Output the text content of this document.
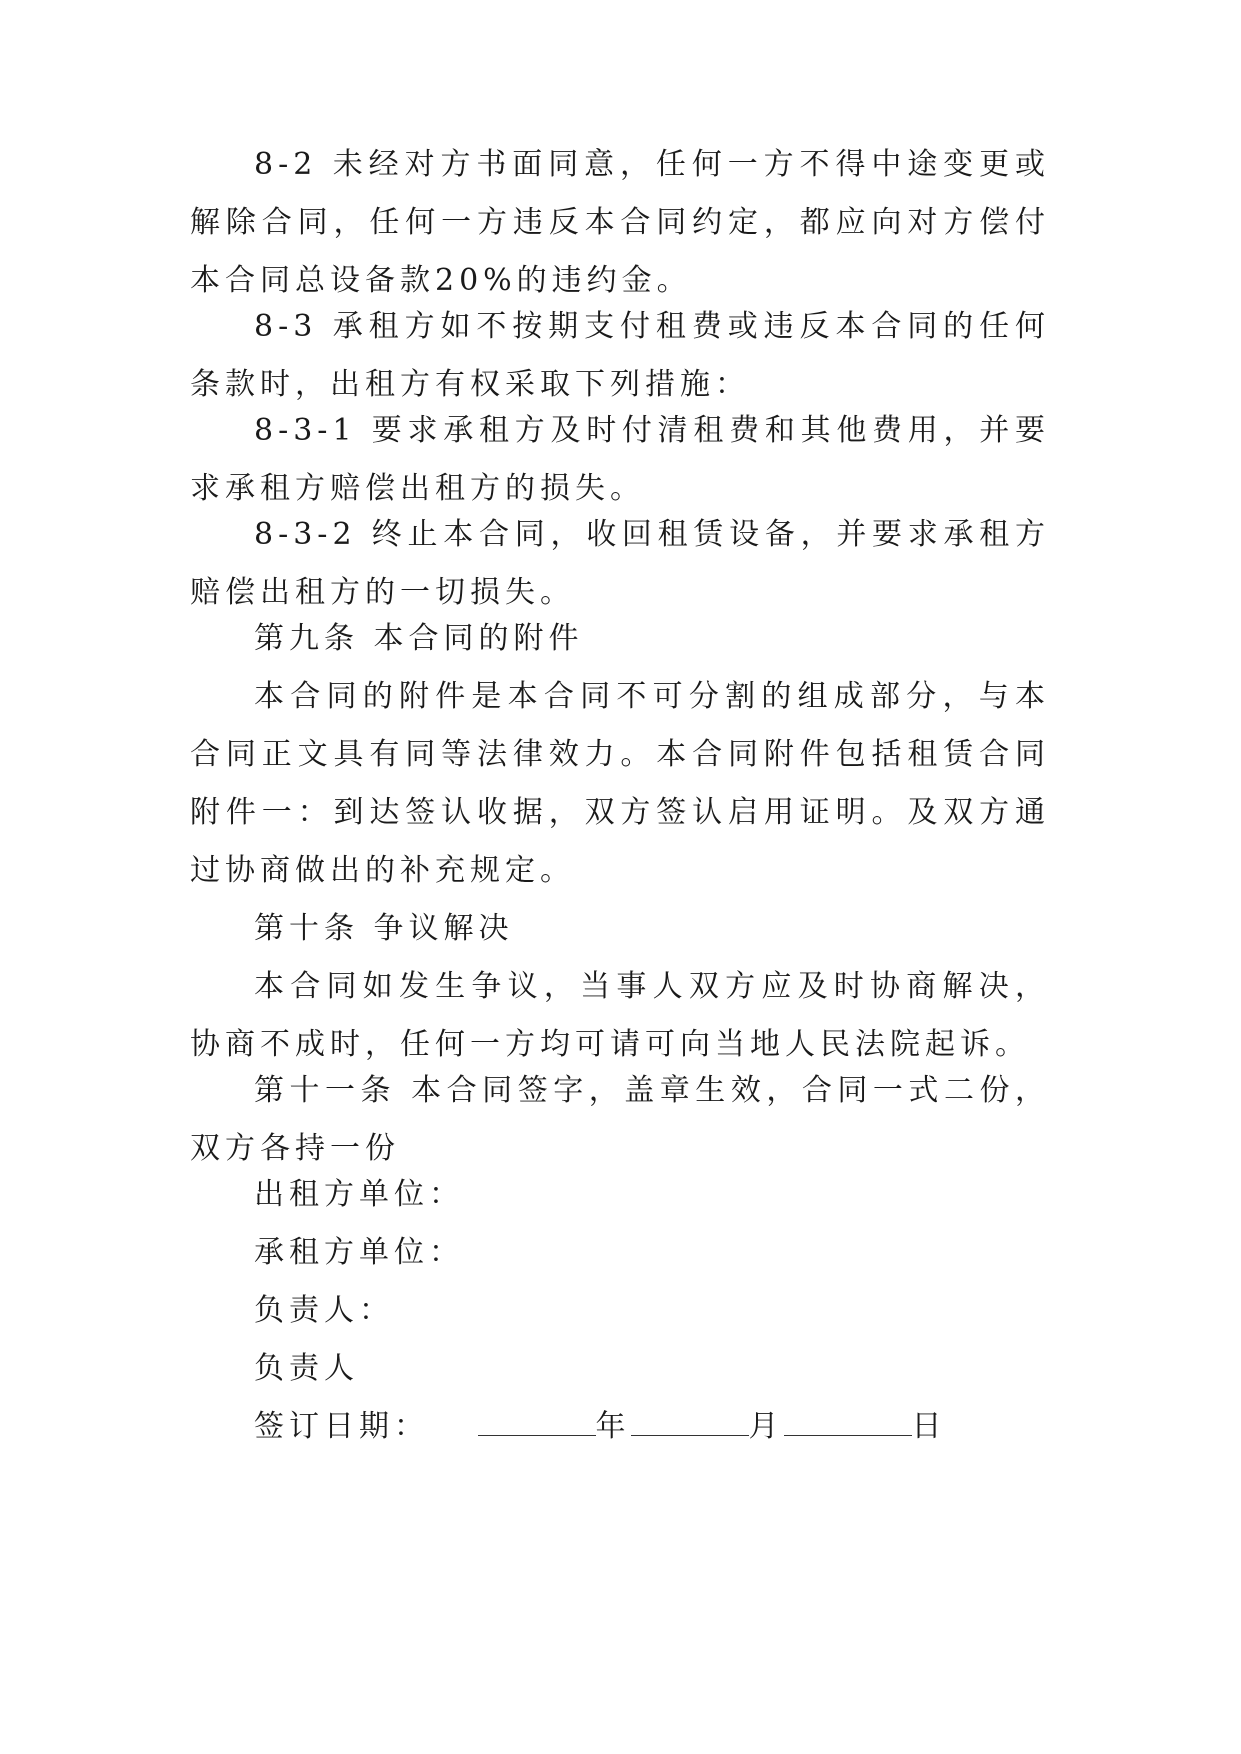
8-2 未经对方书面同意，任何一方不得中途变更或解除合同，任何一方违反本合同约定，都应向对方偿付本合同总设备款20%的违约金。

8-3 承租方如不按期支付租费或违反本合同的任何条款时，出租方有权采取下列措施：

8-3-1 要求承租方及时付清租费和其他费用，并要求承租方赔偿出租方的损失。

8-3-2 终止本合同，收回租赁设备，并要求承租方赔偿出租方的一切损失。

第九条 本合同的附件

本合同的附件是本合同不可分割的组成部分，与本合同正文具有同等法律效力。本合同附件包括租赁合同附件一：到达签认收据，双方签认启用证明。及双方通过协商做出的补充规定。

第十条 争议解决

本合同如发生争议，当事人双方应及时协商解决，协商不成时，任何一方均可请可向当地人民法院起诉。

第十一条 本合同签字，盖章生效，合同一式二份，双方各持一份

出租方单位：

承租方单位：

负责人：

负责人

签订日期：	年	月	日
